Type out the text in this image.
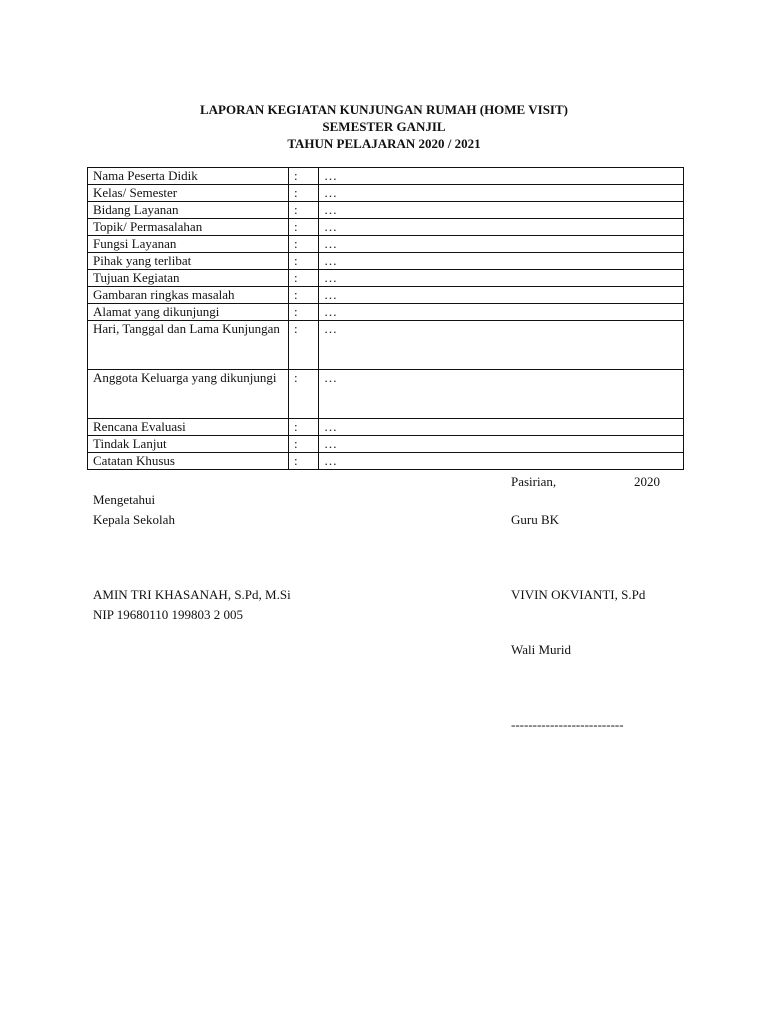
LAPORAN KEGIATAN KUNJUNGAN RUMAH (HOME VISIT)
SEMESTER GANJIL
TAHUN PELAJARAN 2020 / 2021
Nama Peserta Didik	:	…
Kelas/ Semester	:	…
Bidang Layanan	:	…
Topik/ Permasalahan	:	…
Fungsi Layanan	:	…
Pihak yang terlibat	:	…
Tujuan Kegiatan	:	…
Gambaran ringkas masalah	:	…
Alamat yang dikunjungi	:	…
Hari, Tanggal dan Lama Kunjungan	:	…
Anggota Keluarga yang dikunjungi	:	…
Rencana Evaluasi	:	…
Tindak Lanjut	:	…
Catatan Khusus	:	…
Pasirian,	2020
Mengetahui
Kepala Sekolah	Guru BK
AMIN TRI KHASANAH, S.Pd, M.Si	VIVIN OKVIANTI, S.Pd
NIP 19680110 199803 2 005
Wali Murid
--------------------------
